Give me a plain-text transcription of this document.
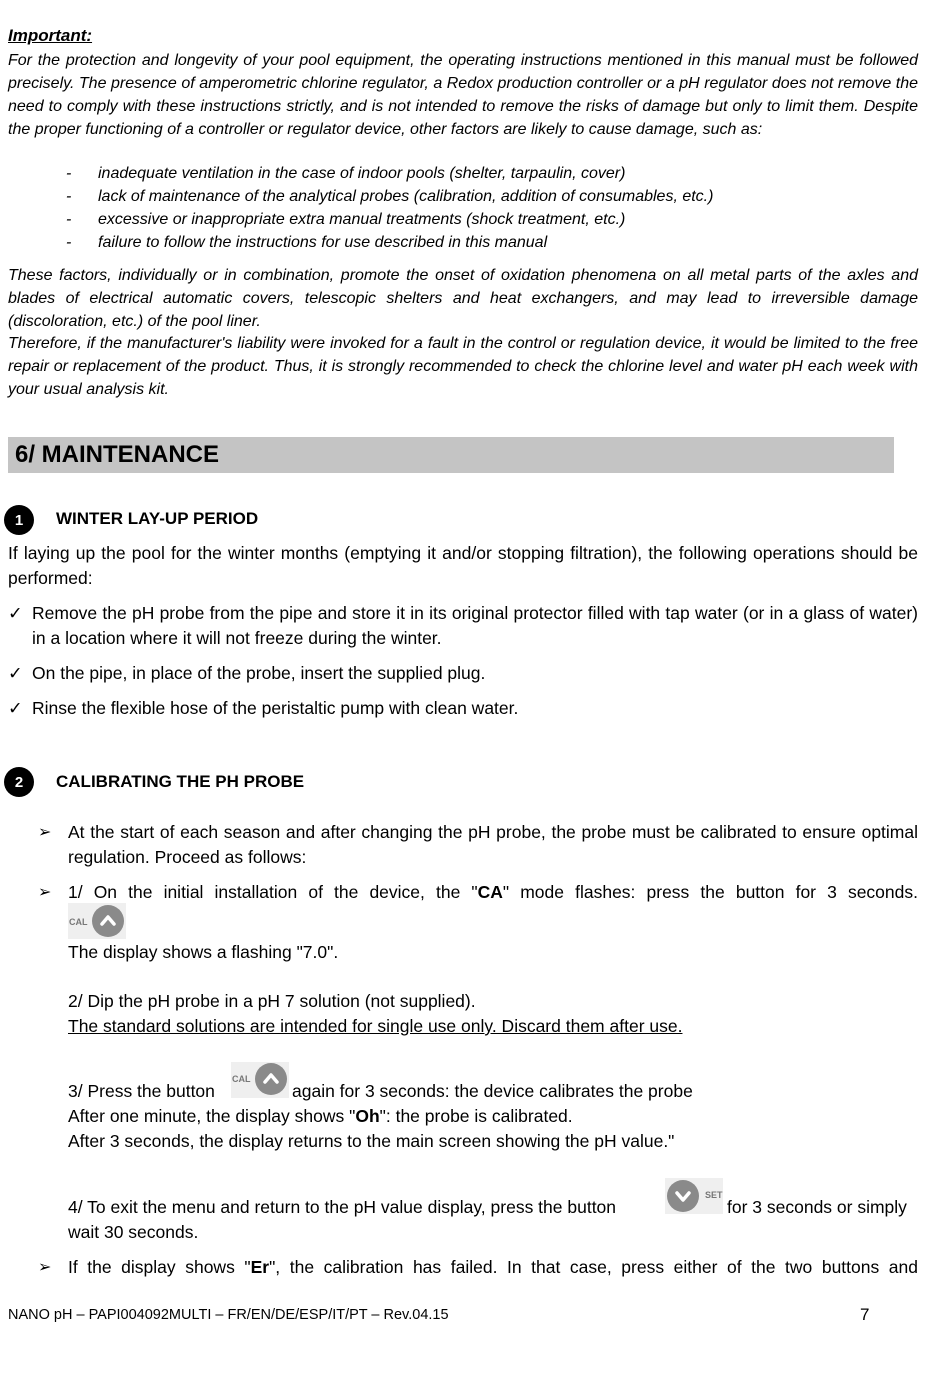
Important:
For the protection and longevity of your pool equipment, the operating instructions mentioned in this manual must be followed precisely. The presence of amperometric chlorine regulator, a Redox production controller or a pH regulator does not remove the need to comply with these instructions strictly, and is not intended to remove the risks of damage but only to limit them. Despite the proper functioning of a controller or regulator device, other factors are likely to cause damage, such as:
-	inadequate ventilation in the case of indoor pools (shelter, tarpaulin, cover)
-	lack of maintenance of the analytical probes (calibration, addition of consumables, etc.)
-	excessive or inappropriate extra manual treatments (shock treatment, etc.)
-	failure to follow the instructions for use described in this manual
These factors, individually or in combination, promote the onset of oxidation phenomena on all metal parts of the axles and blades of electrical automatic covers, telescopic shelters and heat exchangers, and may lead to irreversible damage (discoloration, etc.) of the pool liner.
Therefore, if the manufacturer's liability were invoked for a fault in the control or regulation device, it would be limited to the free repair or replacement of the product. Thus, it is strongly recommended to check the chlorine level and water pH each week with your usual analysis kit.
6/ MAINTENANCE
1	WINTER LAY-UP PERIOD
If laying up the pool for the winter months (emptying it and/or stopping filtration), the following operations should be performed:
✓ Remove the pH probe from the pipe and store it in its original protector filled with tap water (or in a glass of water) in a location where it will not freeze during the winter.
✓ On the pipe, in place of the probe, insert the supplied plug.
✓ Rinse the flexible hose of the peristaltic pump with clean water.
2	CALIBRATING THE PH PROBE
➢ At the start of each season and after changing the pH probe, the probe must be calibrated to ensure optimal regulation. Proceed as follows:
➢ 1/ On the initial installation of the device, the "CA" mode flashes: press the button for 3 seconds.
CAL
The display shows a flashing "7.0".
2/ Dip the pH probe in a pH 7 solution (not supplied).
The standard solutions are intended for single use only. Discard them after use.
3/ Press the button
CAL
again for 3 seconds: the device calibrates the probe
After one minute, the display shows "Oh": the probe is calibrated.
After 3 seconds, the display returns to the main screen showing the pH value."
4/ To exit the menu and return to the pH value display, press the button
SET
for 3 seconds or simply
wait 30 seconds.
➢ If the display shows "Er", the calibration has failed. In that case, press either of the two buttons and
NANO pH – PAPI004092MULTI – FR/EN/DE/ESP/IT/PT – Rev.04.15	7
